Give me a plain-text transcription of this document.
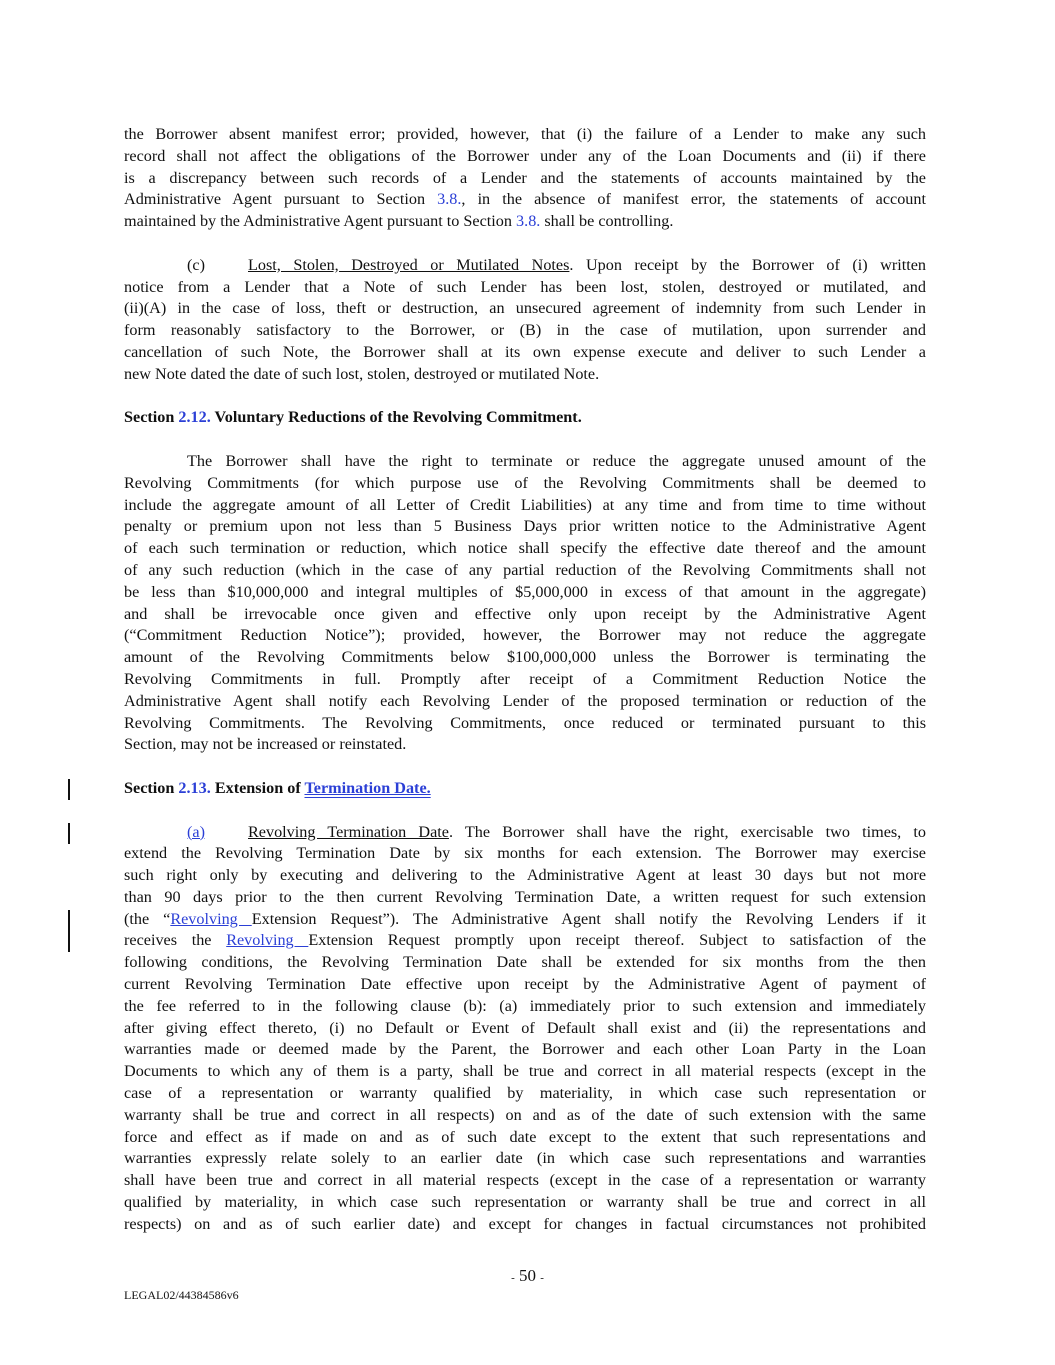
the Borrower absent manifest error; provided, however, that (i) the failure of a Lender to make any such
record shall not affect the obligations of the Borrower under any of the Loan Documents and (ii) if there
is a discrepancy between such records of a Lender and the statements of accounts maintained by the
Administrative Agent pursuant to Section 3.8., in the absence of manifest error, the statements of account
maintained by the Administrative Agent pursuant to Section 3.8. shall be controlling.
(c)	Lost, Stolen, Destroyed or Mutilated Notes. Upon receipt by the Borrower of (i) written
notice from a Lender that a Note of such Lender has been lost, stolen, destroyed or mutilated, and
(ii)(A) in the case of loss, theft or destruction, an unsecured agreement of indemnity from such Lender in
form reasonably satisfactory to the Borrower, or (B) in the case of mutilation, upon surrender and
cancellation of such Note, the Borrower shall at its own expense execute and deliver to such Lender a
new Note dated the date of such lost, stolen, destroyed or mutilated Note.
Section 2.12. Voluntary Reductions of the Revolving Commitment.
The Borrower shall have the right to terminate or reduce the aggregate unused amount of the
Revolving Commitments (for which purpose use of the Revolving Commitments shall be deemed to
include the aggregate amount of all Letter of Credit Liabilities) at any time and from time to time without
penalty or premium upon not less than 5 Business Days prior written notice to the Administrative Agent
of each such termination or reduction, which notice shall specify the effective date thereof and the amount
of any such reduction (which in the case of any partial reduction of the Revolving Commitments shall not
be less than $10,000,000 and integral multiples of $5,000,000 in excess of that amount in the aggregate)
and shall be irrevocable once given and effective only upon receipt by the Administrative Agent
(“Commitment Reduction Notice”); provided, however, the Borrower may not reduce the aggregate
amount of the Revolving Commitments below $100,000,000 unless the Borrower is terminating the
Revolving Commitments in full. Promptly after receipt of a Commitment Reduction Notice the
Administrative Agent shall notify each Revolving Lender of the proposed termination or reduction of the
Revolving Commitments. The Revolving Commitments, once reduced or terminated pursuant to this
Section, may not be increased or reinstated.
Section 2.13. Extension of Termination Date.
(a)	Revolving Termination Date. The Borrower shall have the right, exercisable two times, to
extend the Revolving Termination Date by six months for each extension. The Borrower may exercise
such right only by executing and delivering to the Administrative Agent at least 30 days but not more
than 90 days prior to the then current Revolving Termination Date, a written request for such extension
(the “Revolving Extension Request”). The Administrative Agent shall notify the Revolving Lenders if it
receives the Revolving Extension Request promptly upon receipt thereof. Subject to satisfaction of the
following conditions, the Revolving Termination Date shall be extended for six months from the then
current Revolving Termination Date effective upon receipt by the Administrative Agent of payment of
the fee referred to in the following clause (b): (a) immediately prior to such extension and immediately
after giving effect thereto, (i) no Default or Event of Default shall exist and (ii) the representations and
warranties made or deemed made by the Parent, the Borrower and each other Loan Party in the Loan
Documents to which any of them is a party, shall be true and correct in all material respects (except in the
case of a representation or warranty qualified by materiality, in which case such representation or
warranty shall be true and correct in all respects) on and as of the date of such extension with the same
force and effect as if made on and as of such date except to the extent that such representations and
warranties expressly relate solely to an earlier date (in which case such representations and warranties
shall have been true and correct in all material respects (except in the case of a representation or warranty
qualified by materiality, in which case such representation or warranty shall be true and correct in all
respects) on and as of such earlier date) and except for changes in factual circumstances not prohibited
- 50 -
LEGAL02/44384586v6
